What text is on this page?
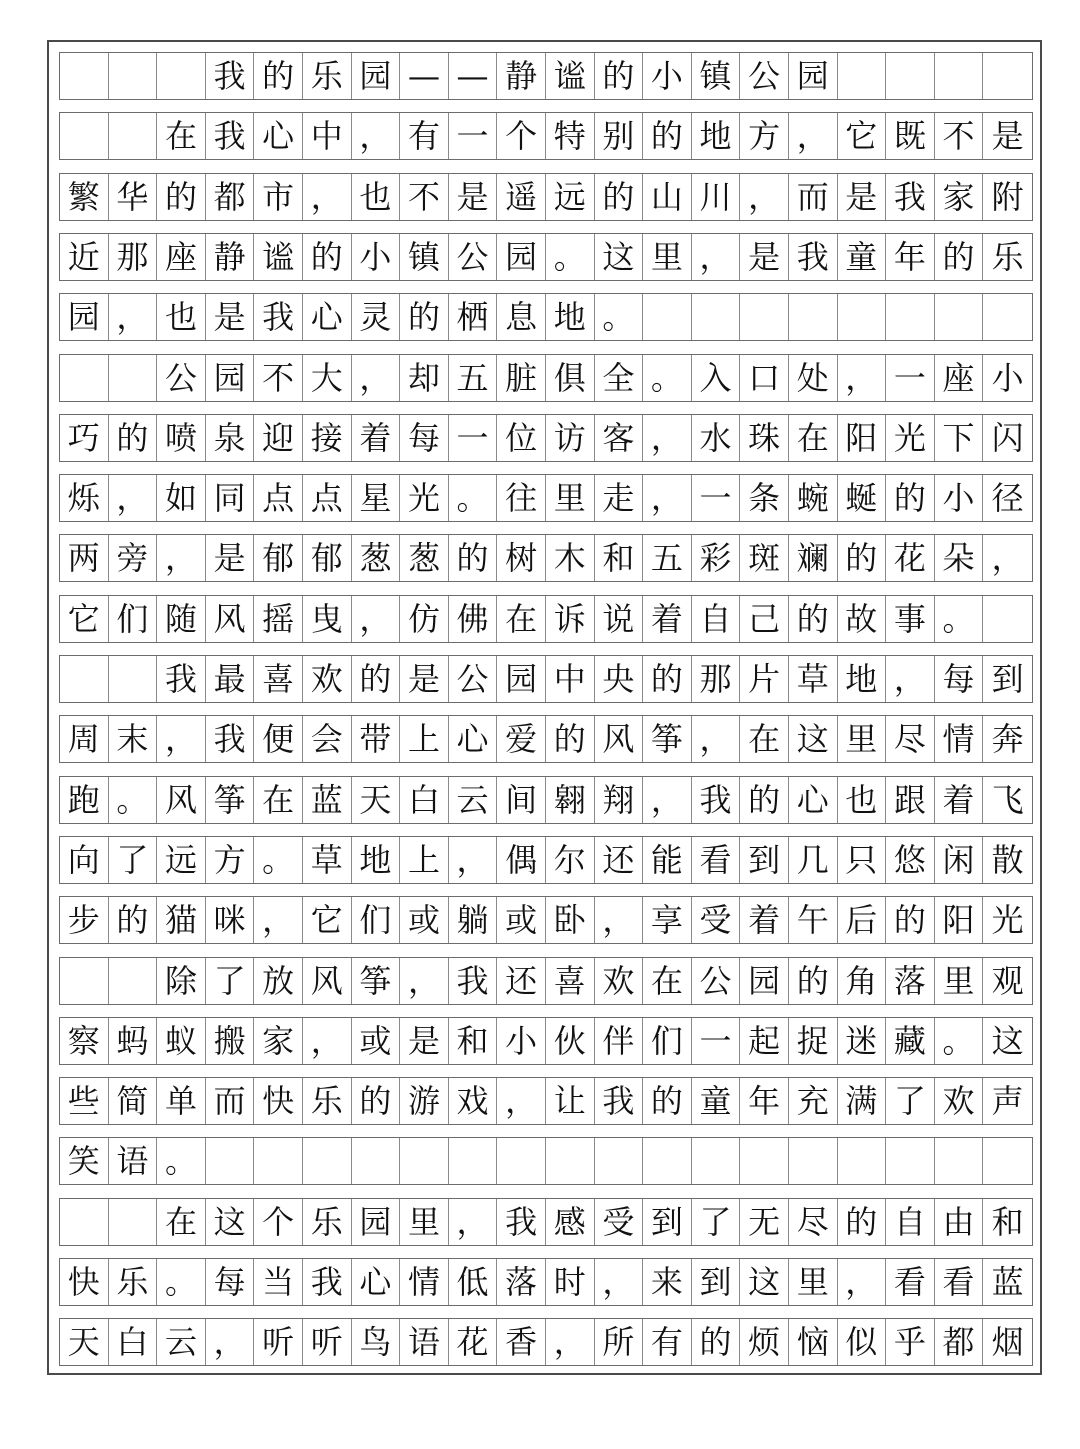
我 的 乐 园 — — 静 谧 的 小 镇 公 园
在 我 心 中 ， 有 一 个 特 别 的 地 方 ， 它 既 不 是
繁 华 的 都 市 ， 也 不 是 遥 远 的 山 川 ， 而 是 我 家 附
近 那 座 静 谧 的 小 镇 公 园 。 这 里 ， 是 我 童 年 的 乐
园 ， 也 是 我 心 灵 的 栖 息 地 。
公 园 不 大 ， 却 五 脏 俱 全 。 入 口 处 ， 一 座 小
巧 的 喷 泉 迎 接 着 每 一 位 访 客 ， 水 珠 在 阳 光 下 闪
烁 ， 如 同 点 点 星 光 。 往 里 走 ， 一 条 蜿 蜒 的 小 径
两 旁 ， 是 郁 郁 葱 葱 的 树 木 和 五 彩 斑 斓 的 花 朵 ，
它 们 随 风 摇 曳 ， 仿 佛 在 诉 说 着 自 己 的 故 事 。
我 最 喜 欢 的 是 公 园 中 央 的 那 片 草 地 ， 每 到
周 末 ， 我 便 会 带 上 心 爱 的 风 筝 ， 在 这 里 尽 情 奔
跑 。 风 筝 在 蓝 天 白 云 间 翱 翔 ， 我 的 心 也 跟 着 飞
向 了 远 方 。 草 地 上 ， 偶 尔 还 能 看 到 几 只 悠 闲 散
步 的 猫 咪 ， 它 们 或 躺 或 卧 ， 享 受 着 午 后 的 阳 光
除 了 放 风 筝 ， 我 还 喜 欢 在 公 园 的 角 落 里 观
察 蚂 蚁 搬 家 ， 或 是 和 小 伙 伴 们 一 起 捉 迷 藏 。 这
些 简 单 而 快 乐 的 游 戏 ， 让 我 的 童 年 充 满 了 欢 声
笑 语 。
在 这 个 乐 园 里 ， 我 感 受 到 了 无 尽 的 自 由 和
快 乐 。 每 当 我 心 情 低 落 时 ， 来 到 这 里 ， 看 看 蓝
天 白 云 ， 听 听 鸟 语 花 香 ， 所 有 的 烦 恼 似 乎 都 烟
